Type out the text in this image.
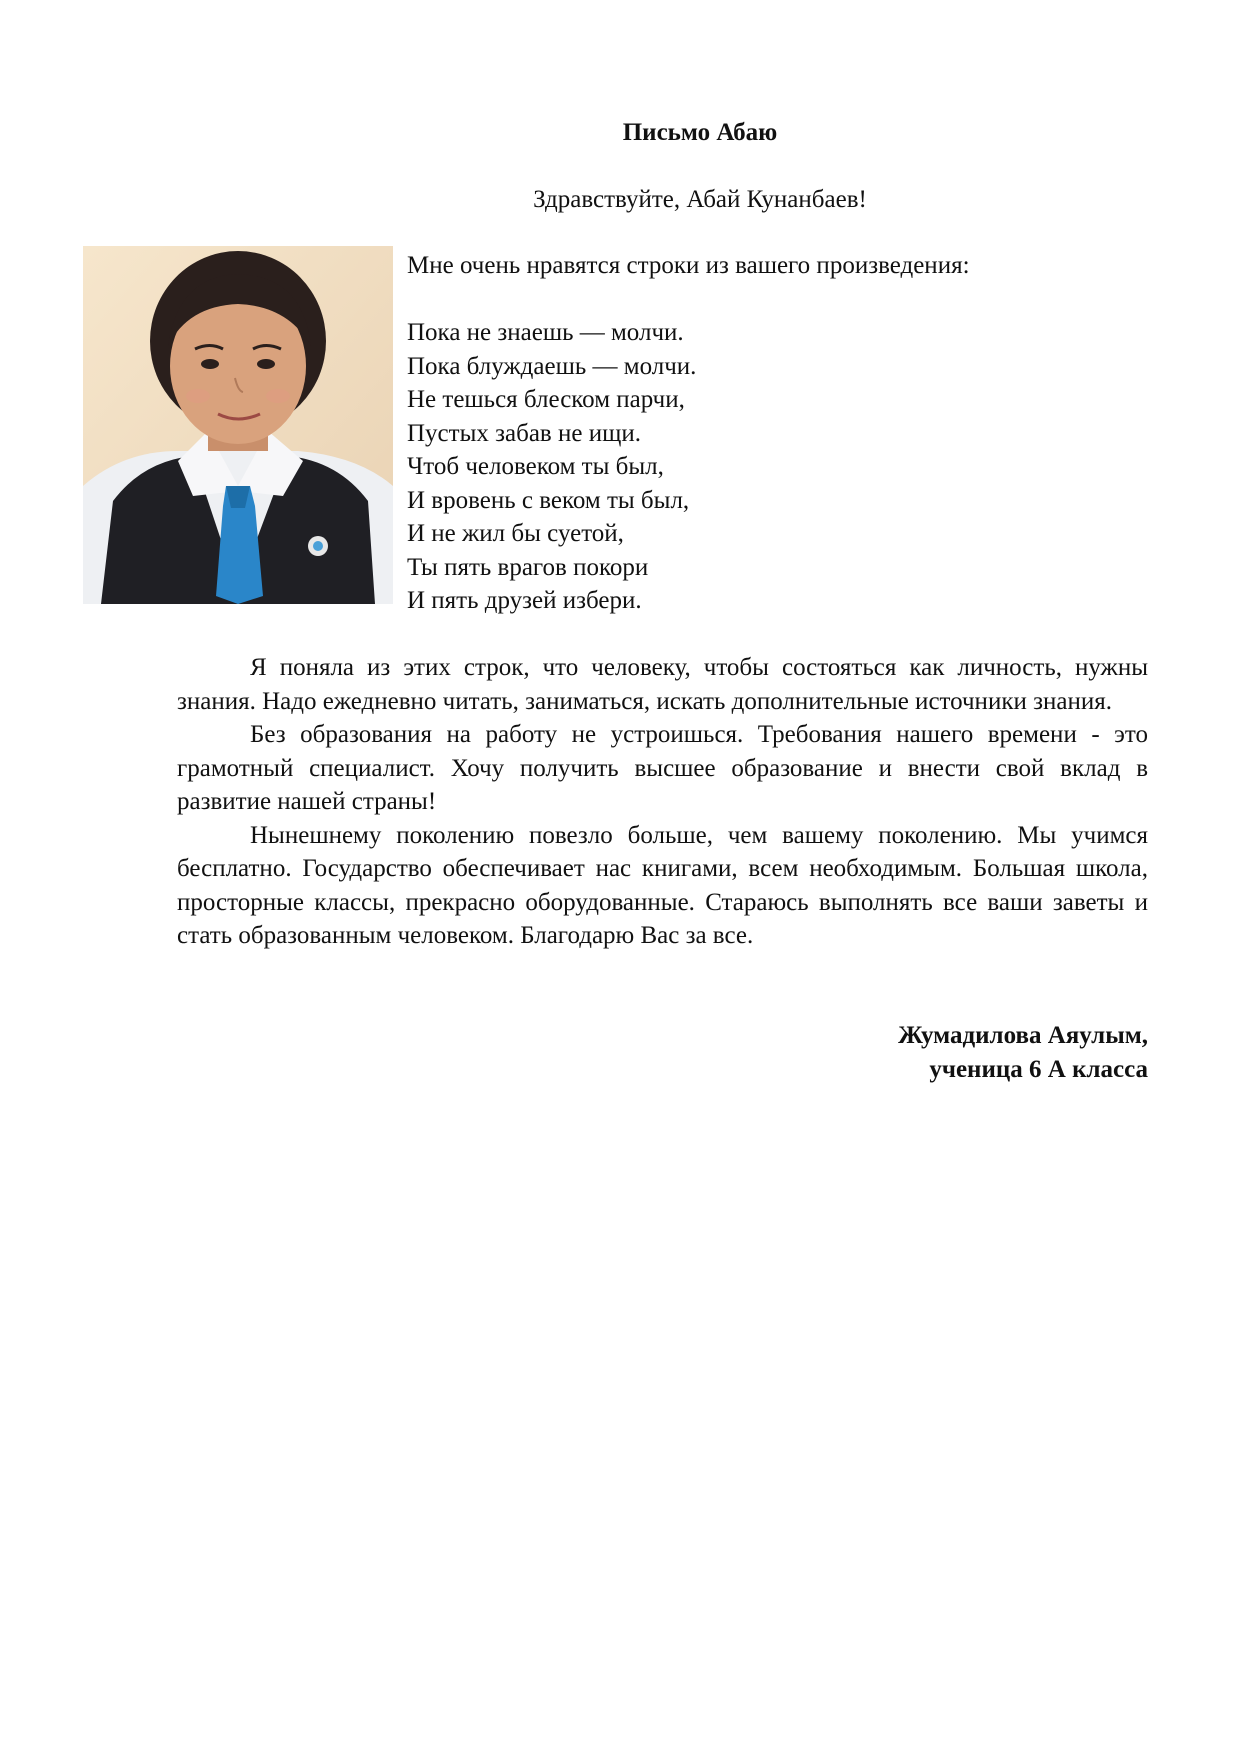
Письмо Абаю
Здравствуйте, Абай Кунанбаев!
Мне очень нравятся строки из вашего произведения:
Пока не знаешь — молчи.
Пока блуждаешь — молчи.
Не тешься блеском парчи,
Пустых забав не ищи.
Чтоб человеком ты был,
И вровень с веком ты был,
И не жил бы суетой,
Ты пять врагов покори
И пять друзей избери.

Я поняла из этих строк, что человеку, чтобы состояться как личность, нужны знания. Надо ежедневно читать, заниматься, искать дополнительные источники знания.

Без образования на работу не устроишься. Требования нашего времени - это грамотный специалист. Хочу получить высшее образование и внести свой вклад в развитие нашей страны!

Нынешнему поколению повезло больше, чем вашему поколению. Мы учимся бесплатно. Государство обеспечивает нас книгами, всем необходимым. Большая школа, просторные классы, прекрасно оборудованные. Стараюсь выполнять все ваши заветы и стать образованным человеком. Благодарю Вас за все.

Жумадилова Аяулым,
ученица 6 А класса
